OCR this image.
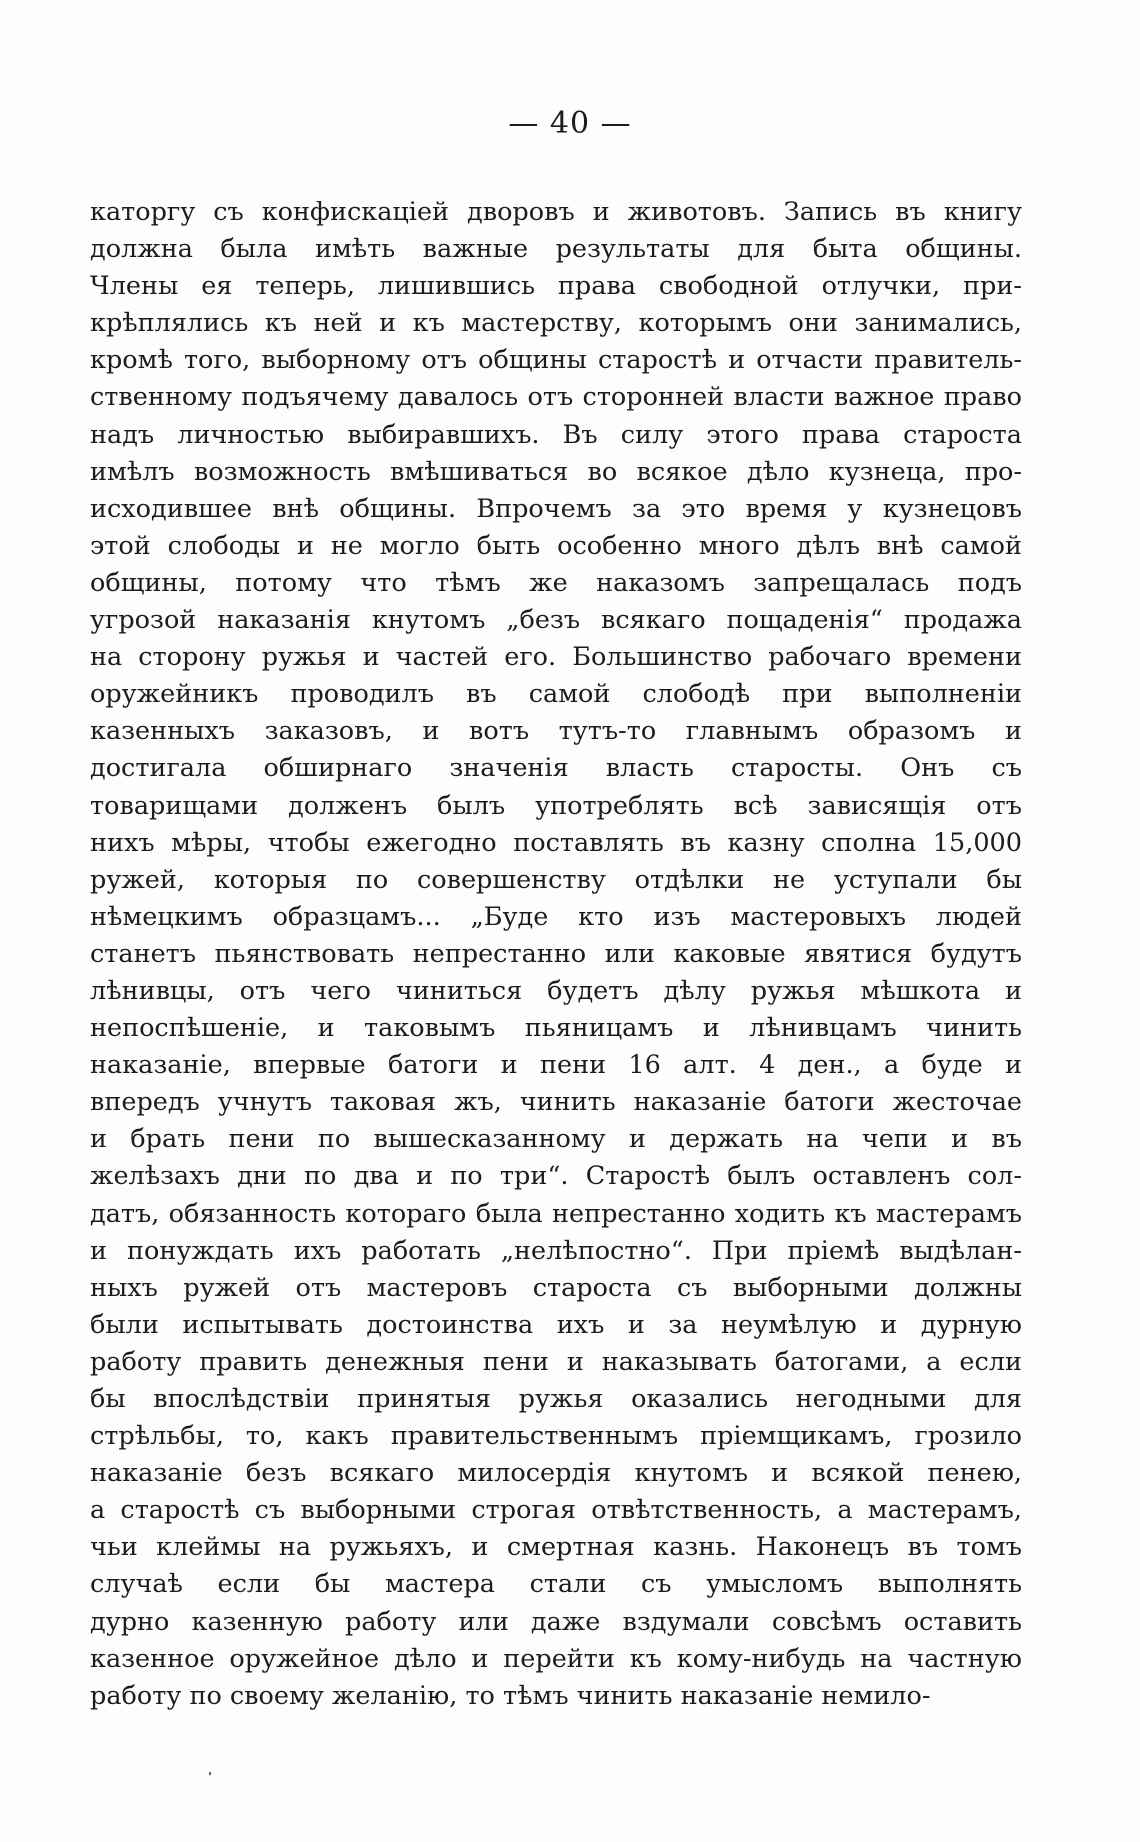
— 40 —
каторгу съ конфискаціей дворовъ и животовъ. Запись въ книгу
должна была имѣть важные результаты для быта общины.
Члены ея теперь, лишившись права свободной отлучки, при-
крѣплялись къ ней и къ мастерству, которымъ они занимались,
кромѣ того, выборному отъ общины старостѣ и отчасти правитель-
ственному подъячему давалось отъ сторонней власти важное право
надъ личностью выбиравшихъ. Въ силу этого права староста
имѣлъ возможность вмѣшиваться во всякое дѣло кузнеца, про-
исходившее внѣ общины. Впрочемъ за это время у кузнецовъ
этой слободы и не могло быть особенно много дѣлъ внѣ самой
общины, потому что тѣмъ же наказомъ запрещалась подъ
угрозой наказанія кнутомъ „безъ всякаго пощаденія“ продажа
на сторону ружья и частей его. Большинство рабочаго времени
оружейникъ проводилъ въ самой слободѣ при выполненіи
казенныхъ заказовъ, и вотъ тутъ-то главнымъ образомъ и
достигала обширнаго значенія власть старосты. Онъ съ
товарищами долженъ былъ употреблять всѣ зависящія отъ
нихъ мѣры, чтобы ежегодно поставлять въ казну сполна 15,000
ружей, которыя по совершенству отдѣлки не уступали бы
нѣмецкимъ образцамъ... „Буде кто изъ мастеровыхъ людей
станетъ пьянствовать непрестанно или каковые явятися будутъ
лѣнивцы, отъ чего чиниться будетъ дѣлу ружья мѣшкота и
непоспѣшеніе, и таковымъ пьяницамъ и лѣнивцамъ чинить
наказаніе, впервые батоги и пени 16 алт. 4 ден., а буде и
впередъ учнутъ таковая жъ, чинить наказаніе батоги жесточае
и брать пени по вышесказанному и держать на чепи и въ
желѣзахъ дни по два и по три“. Старостѣ былъ оставленъ сол-
датъ, обязанность котораго была непрестанно ходить къ мастерамъ
и понуждать ихъ работать „нелѣпостно“. При пріемѣ выдѣлан-
ныхъ ружей отъ мастеровъ староста съ выборными должны
были испытывать достоинства ихъ и за неумѣлую и дурную
работу править денежныя пени и наказывать батогами, а если
бы впослѣдствіи принятыя ружья оказались негодными для
стрѣльбы, то, какъ правительственнымъ пріемщикамъ, грозило
наказаніе безъ всякаго милосердія кнутомъ и всякой пенею,
а старостѣ съ выборными строгая отвѣтственность, а мастерамъ,
чьи клеймы на ружьяхъ, и смертная казнь. Наконецъ въ томъ
случаѣ если бы мастера стали съ умысломъ выполнять
дурно казенную работу или даже вздумали совсѣмъ оставить
казенное оружейное дѣло и перейти къ кому-нибудь на частную
работу по своему желанію, то тѣмъ чинить наказаніе немило-
